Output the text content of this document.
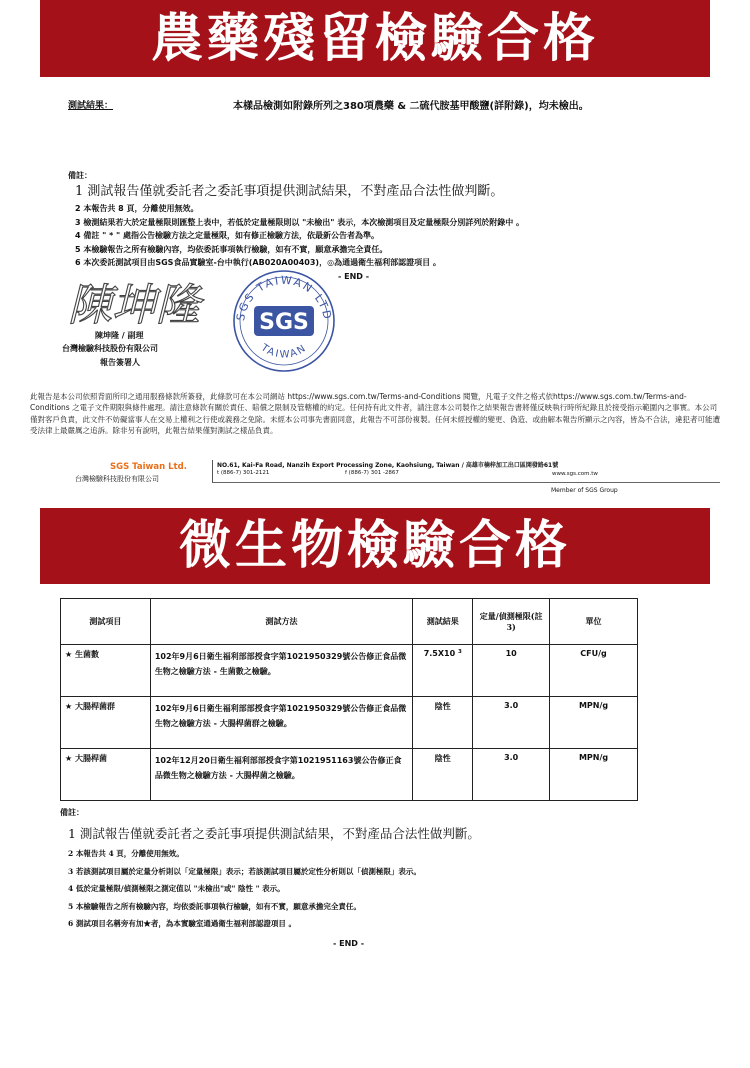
農藥殘留檢驗合格
測試結果：	本樣品檢測如附錄所列之380項農藥 & 二硫代胺基甲酸鹽(詳附錄)，均未檢出。
備註：
1 測試報告僅就委託者之委託事項提供測試結果，不對產品合法性做判斷。
2 本報告共 8 頁，分離使用無效。
3 檢測結果若大於定量極限則匯整上表中，若低於定量極限則以 "未檢出" 表示，本次檢測項目及定量極限分別詳列於附錄中 。
4 備註 " * " 處指公告檢驗方法之定量極限，如有修正檢驗方法，依最新公告者為準。
5 本檢驗報告之所有檢驗內容，均依委託事項執行檢驗，如有不實，願意承擔完全責任。
6 本次委託測試項目由SGS食品實驗室-台中執行(AB020A00403)，◎為通過衛生福利部認證項目 。
- END -
陳坤隆
陳坤隆 / 副理
台灣檢驗科技股份有限公司
報告簽署人
SGS TAIWAN LTD
SGS
TAIWAN
此報告是本公司依照背面所印之通用服務條款所簽發，此條款可在本公司網站 https://www.sgs.com.tw/Terms-and-Conditions 閱覽，凡電子文件之格式依https://www.sgs.com.tw/Terms-and-Conditions 之電子文件期限與條件處理。請注意條款有關於責任、賠償之限制及管轄權的約定。任何持有此文件者，請注意本公司製作之結果報告書將僅反映執行時所紀錄且於接受指示範圍內之事實。本公司僅對客戶負責，此文件不妨礙當事人在交易上權利之行使或義務之免除。未經本公司事先書面同意，此報告不可部份複製。任何未經授權的變更、偽造、或曲解本報告所顯示之內容，皆為不合法，違犯者可能遭受法律上最嚴厲之追訴。除非另有說明，此報告結果僅對測試之樣品負責。
SGS Taiwan Ltd.
台灣檢驗科技股份有限公司
NO.61, Kai-Fa Road, Nanzih Export Processing Zone, Kaohsiung, Taiwan / 高雄市楠梓加工出口區開發路61號
t (886-7) 301-2121	f (886-7) 301 -2867	www.sgs.com.tw
Member of SGS Group
微生物檢驗合格
測試項目	測試方法	測試結果	定量/偵測極限(註3)	單位
★ 生菌數	102年9月6日衛生福利部部授食字第1021950329號公告修正食品微生物之檢驗方法 - 生菌數之檢驗。	7.5X10 $^3$	10	CFU/g
★ 大腸桿菌群	102年9月6日衛生福利部部授食字第1021950329號公告修正食品微生物之檢驗方法 - 大腸桿菌群之檢驗。	陰性	3.0	MPN/g
★ 大腸桿菌	102年12月20日衛生福利部部授食字第1021951163號公告修正食品微生物之檢驗方法 - 大腸桿菌之檢驗。	陰性	3.0	MPN/g
備註：
1 測試報告僅就委託者之委託事項提供測試結果，不對產品合法性做判斷。
2 本報告共 4 頁，分離使用無效。
3 若該測試項目屬於定量分析則以「定量極限」表示；若該測試項目屬於定性分析則以「偵測極限」表示。
4 低於定量極限/偵測極限之測定值以 "未檢出"或" 陰性 " 表示。
5 本檢驗報告之所有檢驗內容，均依委託事項執行檢驗，如有不實，願意承擔完全責任。
6 測試項目名稱旁有加★者，為本實驗室通過衛生福利部認證項目 。
- END -
